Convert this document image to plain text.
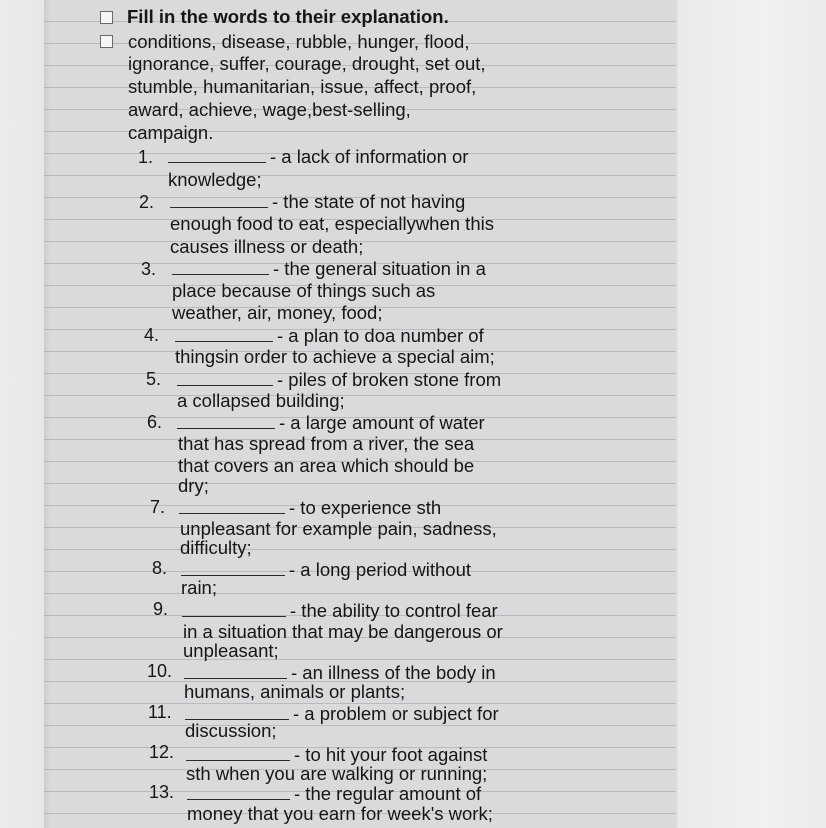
Fill in the words to their explanation.
conditions, disease, rubble, hunger, flood,
ignorance, suffer, courage, drought, set out,
stumble, humanitarian, issue, affect, proof,
award, achieve, wage,best-selling,
campaign.
1.	- a lack of information or
knowledge;
2.	- the state of not having
enough food to eat, especiallywhen this
causes illness or death;
3.	- the general situation in a
place because of things such as
weather, air, money, food;
4.	- a plan to doa number of
thingsin order to achieve a special aim;
5.	- piles of broken stone from
a collapsed building;
6.	- a large amount of water
that has spread from a river, the sea
that covers an area which should be
dry;
7.	- to experience sth
unpleasant for example pain, sadness,
difficulty;
8.	- a long period without
rain;
9.	- the ability to control fear
in a situation that may be dangerous or
unpleasant;
10.	- an illness of the body in
humans, animals or plants;
11.	- a problem or subject for
discussion;
12.	- to hit your foot against
sth when you are walking or running;
13.	- the regular amount of
money that you earn for week's work;
